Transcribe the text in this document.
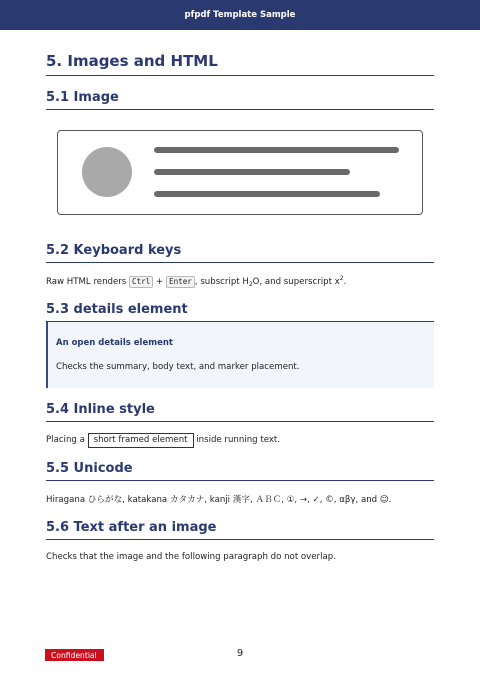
pfpdf Template Sample
5. Images and HTML
5.1 Image
5.2 Keyboard keys
Raw HTML renders Ctrl + Enter , subscript $H_2O$, and superscript $x^2$.
5.3 details element
An open details element
Checks the summary, body text, and marker placement.
5.4 Inline style
Placing a short framed element inside running text.
5.5 Unicode
Hiragana ひらがな, katakana カタカナ, kanji 漢字, ＡＢＣ, ①, →, ✓, ©, αβγ, and ☺.
5.6 Text after an image
Checks that the image and the following paragraph do not overlap.
Confidential	9
